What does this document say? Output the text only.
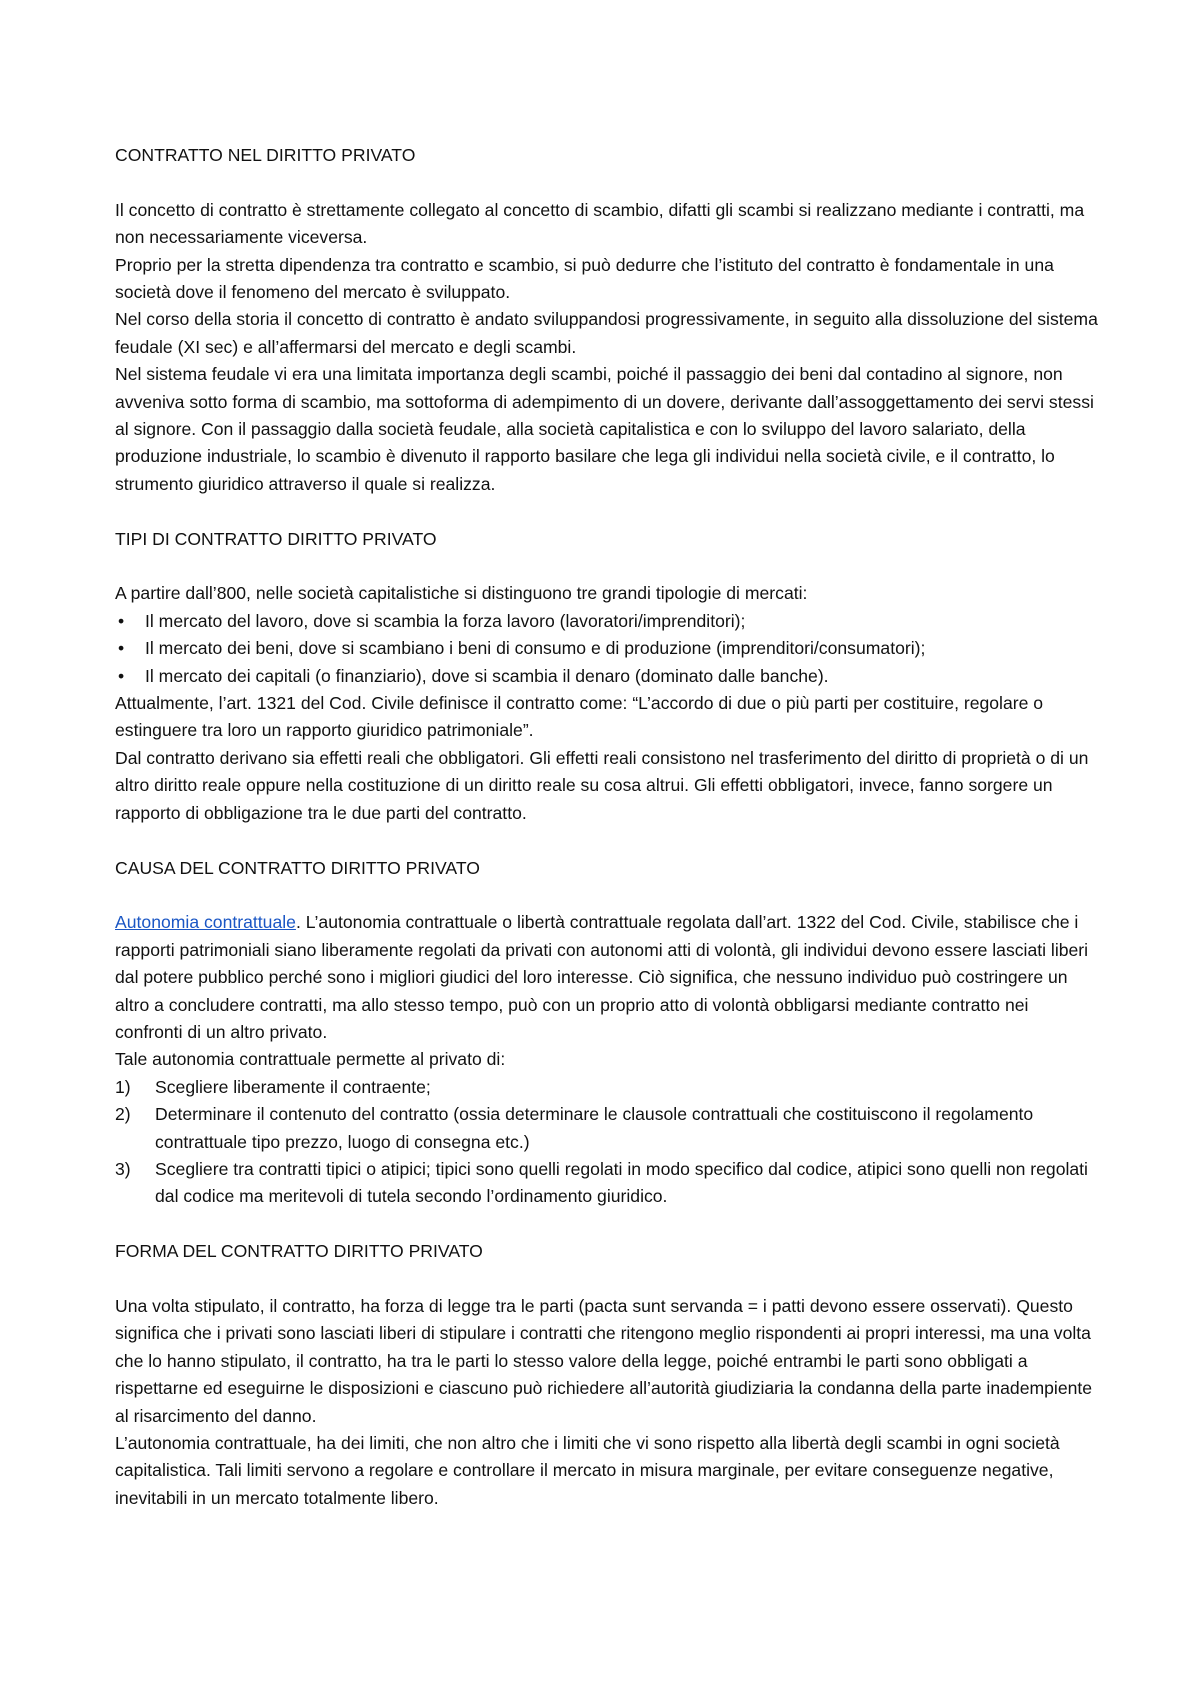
CONTRATTO NEL DIRITTO PRIVATO

Il concetto di contratto è strettamente collegato al concetto di scambio, difatti gli scambi si realizzano mediante i contratti, ma non necessariamente viceversa.

Proprio per la stretta dipendenza tra contratto e scambio, si può dedurre che l’istituto del contratto è fondamentale in una società dove il fenomeno del mercato è sviluppato.

Nel corso della storia il concetto di contratto è andato sviluppandosi progressivamente, in seguito alla dissoluzione del sistema feudale (XI sec) e all’affermarsi del mercato e degli scambi.

Nel sistema feudale vi era una limitata importanza degli scambi, poiché il passaggio dei beni dal contadino al signore, non avveniva sotto forma di scambio, ma sottoforma di adempimento di un dovere, derivante dall’assoggettamento dei servi stessi al signore. Con il passaggio dalla società feudale, alla società capitalistica e con lo sviluppo del lavoro salariato, della produzione industriale, lo scambio è divenuto il rapporto basilare che lega gli individui nella società civile, e il contratto, lo strumento giuridico attraverso il quale si realizza.

TIPI DI CONTRATTO DIRITTO PRIVATO

A partire dall’800, nelle società capitalistiche si distinguono tre grandi tipologie di mercati:

• Il mercato del lavoro, dove si scambia la forza lavoro (lavoratori/imprenditori);
• Il mercato dei beni, dove si scambiano i beni di consumo e di produzione (imprenditori/consumatori);
• Il mercato dei capitali (o finanziario), dove si scambia il denaro (dominato dalle banche).

Attualmente, l’art. 1321 del Cod. Civile definisce il contratto come: “L’accordo di due o più parti per costituire, regolare o estinguere tra loro un rapporto giuridico patrimoniale”.

Dal contratto derivano sia effetti reali che obbligatori. Gli effetti reali consistono nel trasferimento del diritto di proprietà o di un altro diritto reale oppure nella costituzione di un diritto reale su cosa altrui. Gli effetti obbligatori, invece, fanno sorgere un rapporto di obbligazione tra le due parti del contratto.

CAUSA DEL CONTRATTO DIRITTO PRIVATO

Autonomia contrattuale. L’autonomia contrattuale o libertà contrattuale regolata dall’art. 1322 del Cod. Civile, stabilisce che i rapporti patrimoniali siano liberamente regolati da privati con autonomi atti di volontà, gli individui devono essere lasciati liberi dal potere pubblico perché sono i migliori giudici del loro interesse. Ciò significa, che nessuno individuo può costringere un altro a concludere contratti, ma allo stesso tempo, può con un proprio atto di volontà obbligarsi mediante contratto nei confronti di un altro privato.

Tale autonomia contrattuale permette al privato di:

1) Scegliere liberamente il contraente;
2) Determinare il contenuto del contratto (ossia determinare le clausole contrattuali che costituiscono il regolamento contrattuale tipo prezzo, luogo di consegna etc.)
3) Scegliere tra contratti tipici o atipici; tipici sono quelli regolati in modo specifico dal codice, atipici sono quelli non regolati dal codice ma meritevoli di tutela secondo l’ordinamento giuridico.
FORMA DEL CONTRATTO DIRITTO PRIVATO

Una volta stipulato, il contratto, ha forza di legge tra le parti (pacta sunt servanda = i patti devono essere osservati). Questo significa che i privati sono lasciati liberi di stipulare i contratti che ritengono meglio rispondenti ai propri interessi, ma una volta che lo hanno stipulato, il contratto, ha tra le parti lo stesso valore della legge, poiché entrambi le parti sono obbligati a rispettarne ed eseguirne le disposizioni e ciascuno può richiedere all’autorità giudiziaria la condanna della parte inadempiente al risarcimento del danno.

L’autonomia contrattuale, ha dei limiti, che non altro che i limiti che vi sono rispetto alla libertà degli scambi in ogni società capitalistica. Tali limiti servono a regolare e controllare il mercato in misura marginale, per evitare conseguenze negative, inevitabili in un mercato totalmente libero.
